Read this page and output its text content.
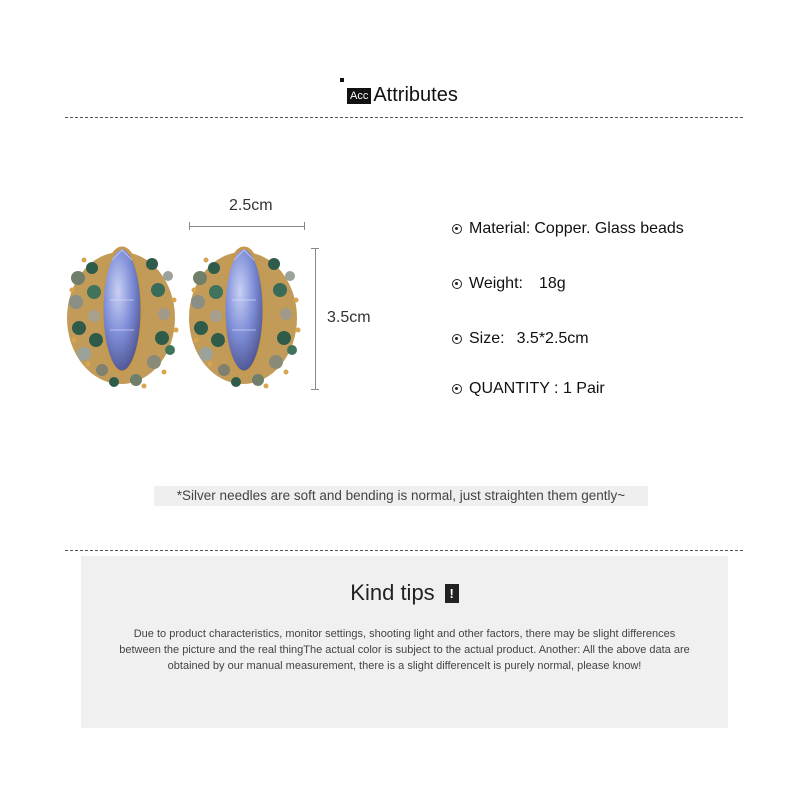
Acc Attributes
2.5cm
3.5cm
Material: Copper. Glass beads
Weight: 18g
Size: 3.5*2.5cm
QUANTITY : 1 Pair
*Silver needles are soft and bending is normal, just straighten them gently~
Kind tips	!
Due to product characteristics, monitor settings, shooting light and other factors, there may be slight differences between the picture and the real thingThe actual color is subject to the actual product. Another: All the above data are obtained by our manual measurement, there is a slight differenceIt is purely normal, please know!
